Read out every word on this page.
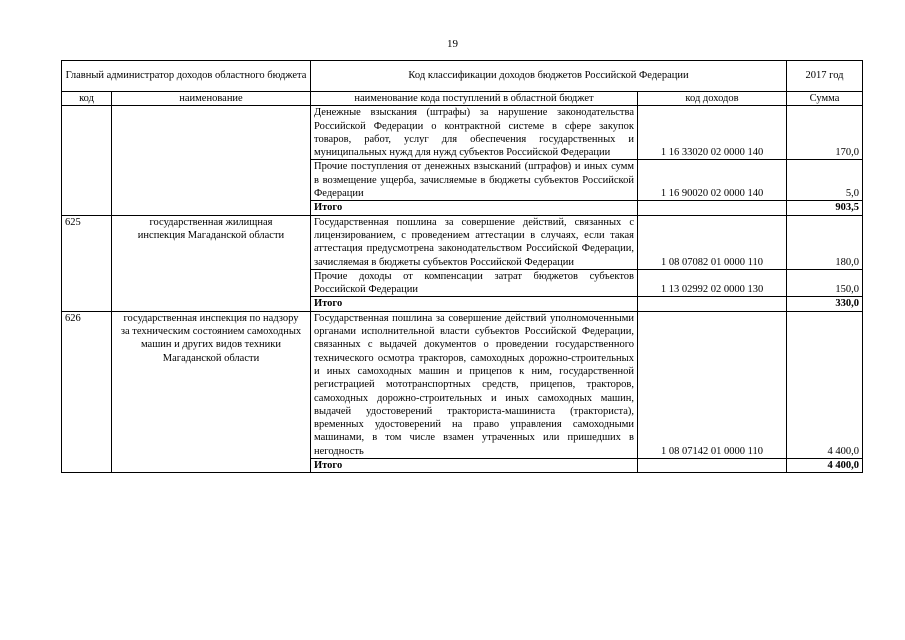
19
Главный администратор доходов областного бюджета		Код классификации доходов бюджетов Российской Федерации		2017 год
код	наименование	наименование кода поступлений в областной бюджет	код доходов	Сумма
		Денежные взыскания (штрафы) за нарушение законодательства Российской Федерации о контрактной системе в сфере закупок товаров, работ, услуг для обеспечения государственных и муниципальных нужд для нужд субъектов Российской Федерации	1 16 33020 02 0000 140	170,0
		Прочие поступления от денежных взысканий (штрафов) и иных сумм в возмещение ущерба, зачисляемые в бюджеты субъектов Российской Федерации	1 16 90020 02 0000 140	5,0
		Итого		903,5
625	государственная жилищная инспекция Магаданской области	Государственная пошлина за совершение действий, связанных с лицензированием, с проведением аттестации в случаях, если такая аттестация предусмотрена законодательством Российской Федерации, зачисляемая в бюджеты субъектов Российской Федерации	1 08 07082 01 0000 110	180,0
		Прочие доходы от компенсации затрат бюджетов субъектов Российской Федерации	1 13 02992 02 0000 130	150,0
		Итого		330,0
626	государственная инспекция по надзору за техническим состоянием самоходных машин и других видов техники Магаданской области	Государственная пошлина за совершение действий уполномоченными органами исполнительной власти субъектов Российской Федерации, связанных с выдачей документов о проведении государственного технического осмотра тракторов, самоходных дорожно-строительных и иных самоходных машин и прицепов к ним, государственной регистрацией мототранспортных средств, прицепов, тракторов, самоходных дорожно-строительных и иных самоходных машин, выдачей удостоверений тракториста-машиниста (тракториста), временных удостоверений на право управления самоходными машинами, в том числе взамен утраченных или пришедших в негодность	1 08 07142 01 0000 110	4 400,0
		Итого		4 400,0
